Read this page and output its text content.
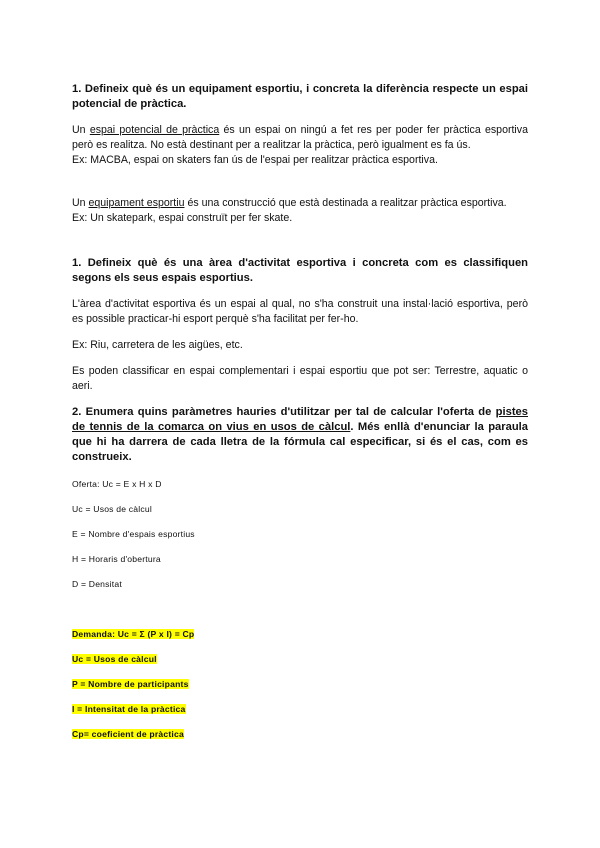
1. Defineix què és un equipament esportiu, i concreta la diferència respecte un espai potencial de pràctica.

Un espai potencial de pràctica és un espai on ningú a fet res per poder fer pràctica esportiva però es realitza. No està destinant per a realitzar la pràctica, però igualment es fa ús.

Ex: MACBA, espai on skaters fan ús de l'espai per realitzar pràctica esportiva.

Un equipament esportiu és una construcció que està destinada a realitzar pràctica esportiva.

Ex: Un skatepark, espai construït per fer skate.

1. Defineix què és una àrea d'activitat esportiva i concreta com es classifiquen segons els seus espais esportius.

L'àrea d'activitat esportiva és un espai al qual, no s'ha construit una instal·lació esportiva, però es possible practicar-hi esport perquè s'ha facilitat per fer-ho.

Ex: Riu, carretera de les aigües, etc.

Es poden classificar en espai complementari i espai esportiu que pot ser: Terrestre, aquatic o aeri.

2. Enumera quins paràmetres hauries d'utilitzar per tal de calcular l'oferta de pistes de tennis de la comarca on vius en usos de càlcul. Més enllà d'enunciar la paraula que hi ha darrera de cada lletra de la fórmula cal especificar, si és el cas, com es construeix.

Oferta: Uc = E x H x D

Uc = Usos de càlcul

E = Nombre d'espais esportius

H = Horaris d'obertura

D = Densitat

Demanda: Uc = Σ (P x I) = Cp

Uc = Usos de càlcul

P = Nombre de participants

I = Intensitat de la pràctica

Cp= coeficient de pràctica
